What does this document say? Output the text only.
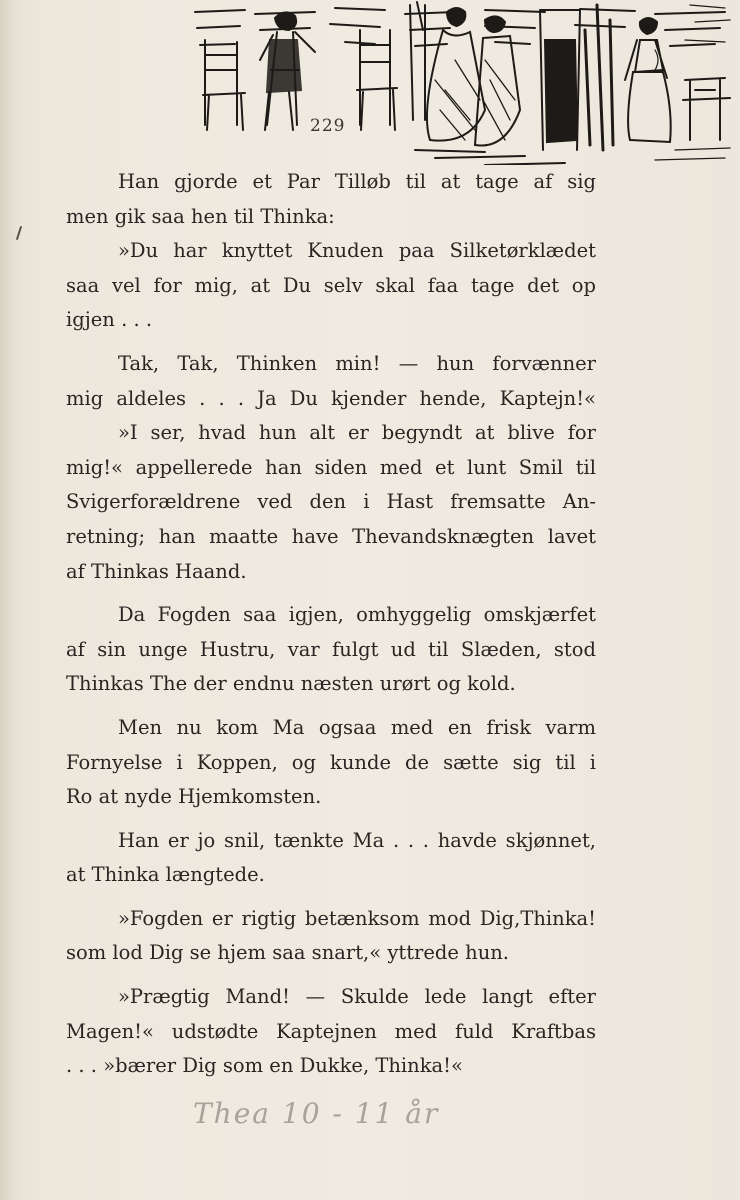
229
Han gjorde et Par Tilløb til at tage af sig
men gik saa hen til Thinka:
»Du har knyttet Knuden paa Silketørklædet
saa vel for mig, at Du selv skal faa tage det op
igjen . . .
Tak, Tak, Thinken min! — hun forvænner
mig aldeles . . . Ja Du kjender hende, Kaptejn!«
»I ser, hvad hun alt er begyndt at blive for
mig!« appellerede han siden med et lunt Smil til
Svigerforældrene ved den i Hast fremsatte An-
retning; han maatte have Thevandsknægten lavet
af Thinkas Haand.
Da Fogden saa igjen, omhyggelig omskjærfet
af sin unge Hustru, var fulgt ud til Slæden, stod
Thinkas The der endnu næsten urørt og kold.
Men nu kom Ma ogsaa med en frisk varm
Fornyelse i Koppen, og kunde de sætte sig til i
Ro at nyde Hjemkomsten.
Han er jo snil, tænkte Ma . . . havde skjønnet,
at Thinka længtede.
»Fogden er rigtig betænksom mod Dig,Thinka!
som lod Dig se hjem saa snart,« yttrede hun.
»Prægtig Mand! — Skulde lede langt efter
Magen!« udstødte Kaptejnen med fuld Kraftbas
. . . »bærer Dig som en Dukke, Thinka!«
Thea 10 - 11 år
